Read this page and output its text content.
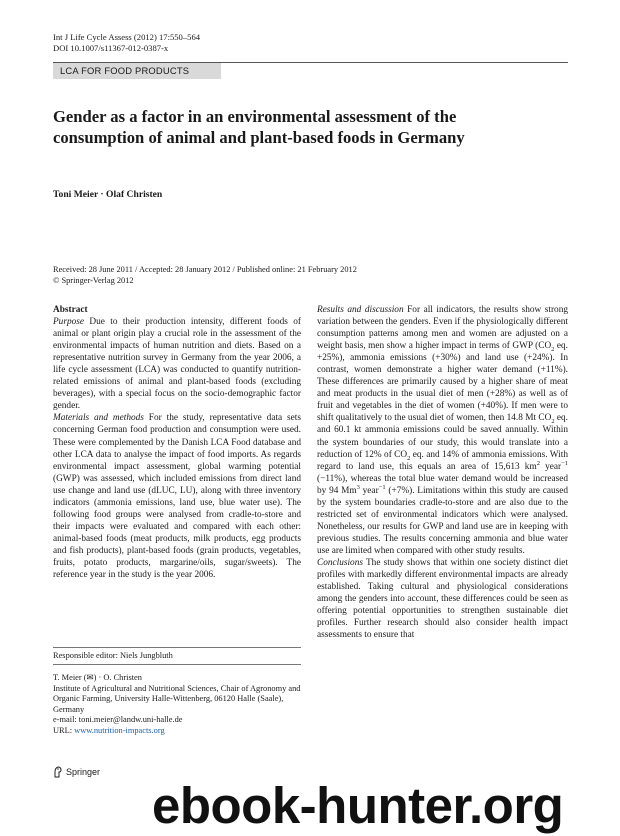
Int J Life Cycle Assess (2012) 17:550–564
DOI 10.1007/s11367-012-0387-x
LCA FOR FOOD PRODUCTS
Gender as a factor in an environmental assessment of the consumption of animal and plant-based foods in Germany
Toni Meier · Olaf Christen
Received: 28 June 2011 / Accepted: 28 January 2012 / Published online: 21 February 2012
© Springer-Verlag 2012
Abstract

Purpose Due to their production intensity, different foods of animal or plant origin play a crucial role in the assessment of the environmental impacts of human nutrition and diets. Based on a representative nutrition survey in Germany from the year 2006, a life cycle assessment (LCA) was conducted to quantify nutrition-related emissions of animal and plant-based foods (excluding beverages), with a special focus on the socio-demographic factor gender.

Materials and methods For the study, representative data sets concerning German food production and consumption were used. These were complemented by the Danish LCA Food database and other LCA data to analyse the impact of food imports. As regards environmental impact assessment, global warming potential (GWP) was assessed, which included emissions from direct land use change and land use (dLUC, LU), along with three inventory indicators (ammonia emissions, land use, blue water use). The following food groups were analysed from cradle-to-store and their impacts were evaluated and compared with each other: animal-based foods (meat products, milk products, egg products and fish products), plant-based foods (grain products, vegetables, fruits, potato products, margarine/oils, sugar/sweets). The reference year in the study is the year 2006.

Results and discussion For all indicators, the results show strong variation between the genders. Even if the physiologically different consumption patterns among men and women are adjusted on a weight basis, men show a higher impact in terms of GWP ($CO_2$ eq. +25%), ammonia emissions (+30%) and land use (+24%). In contrast, women demonstrate a higher water demand (+11%). These differences are primarily caused by a higher share of meat and meat products in the usual diet of men (+28%) as well as of fruit and vegetables in the diet of women (+40%). If men were to shift qualitatively to the usual diet of women, then 14.8 Mt $CO_2$ eq. and 60.1 kt ammonia emissions could be saved annually. Within the system boundaries of our study, this would translate into a reduction of 12% of $CO_2$ eq. and 14% of ammonia emissions. With regard to land use, this equals an area of 15,613 $km^2$ year$^{-1}$ (−11%), whereas the total blue water demand would be increased by 94 Mm$^3$ year$^{-1}$ (+7%). Limitations within this study are caused by the system boundaries cradle-to-store and are also due to the restricted set of environmental indicators which were analysed. Nonetheless, our results for GWP and land use are in keeping with previous studies. The results concerning ammonia and blue water use are limited when compared with other study results.

Conclusions The study shows that within one society distinct diet profiles with markedly different environmental impacts are already established. Taking cultural and physiological considerations among the genders into account, these differences could be seen as offering potential opportunities to strengthen sustainable diet profiles. Further research should also consider health impact assessments to ensure that

Responsible editor: Niels Jungbluth
T. Meier (✉) · O. Christen
Institute of Agricultural and Nutritional Sciences, Chair of Agronomy and Organic Farming, University Halle-Wittenberg, 06120 Halle (Saale), Germany
e-mail: toni.meier@landw.uni-halle.de
URL: www.nutrition-impacts.org
Springer
ebook-hunter.org
